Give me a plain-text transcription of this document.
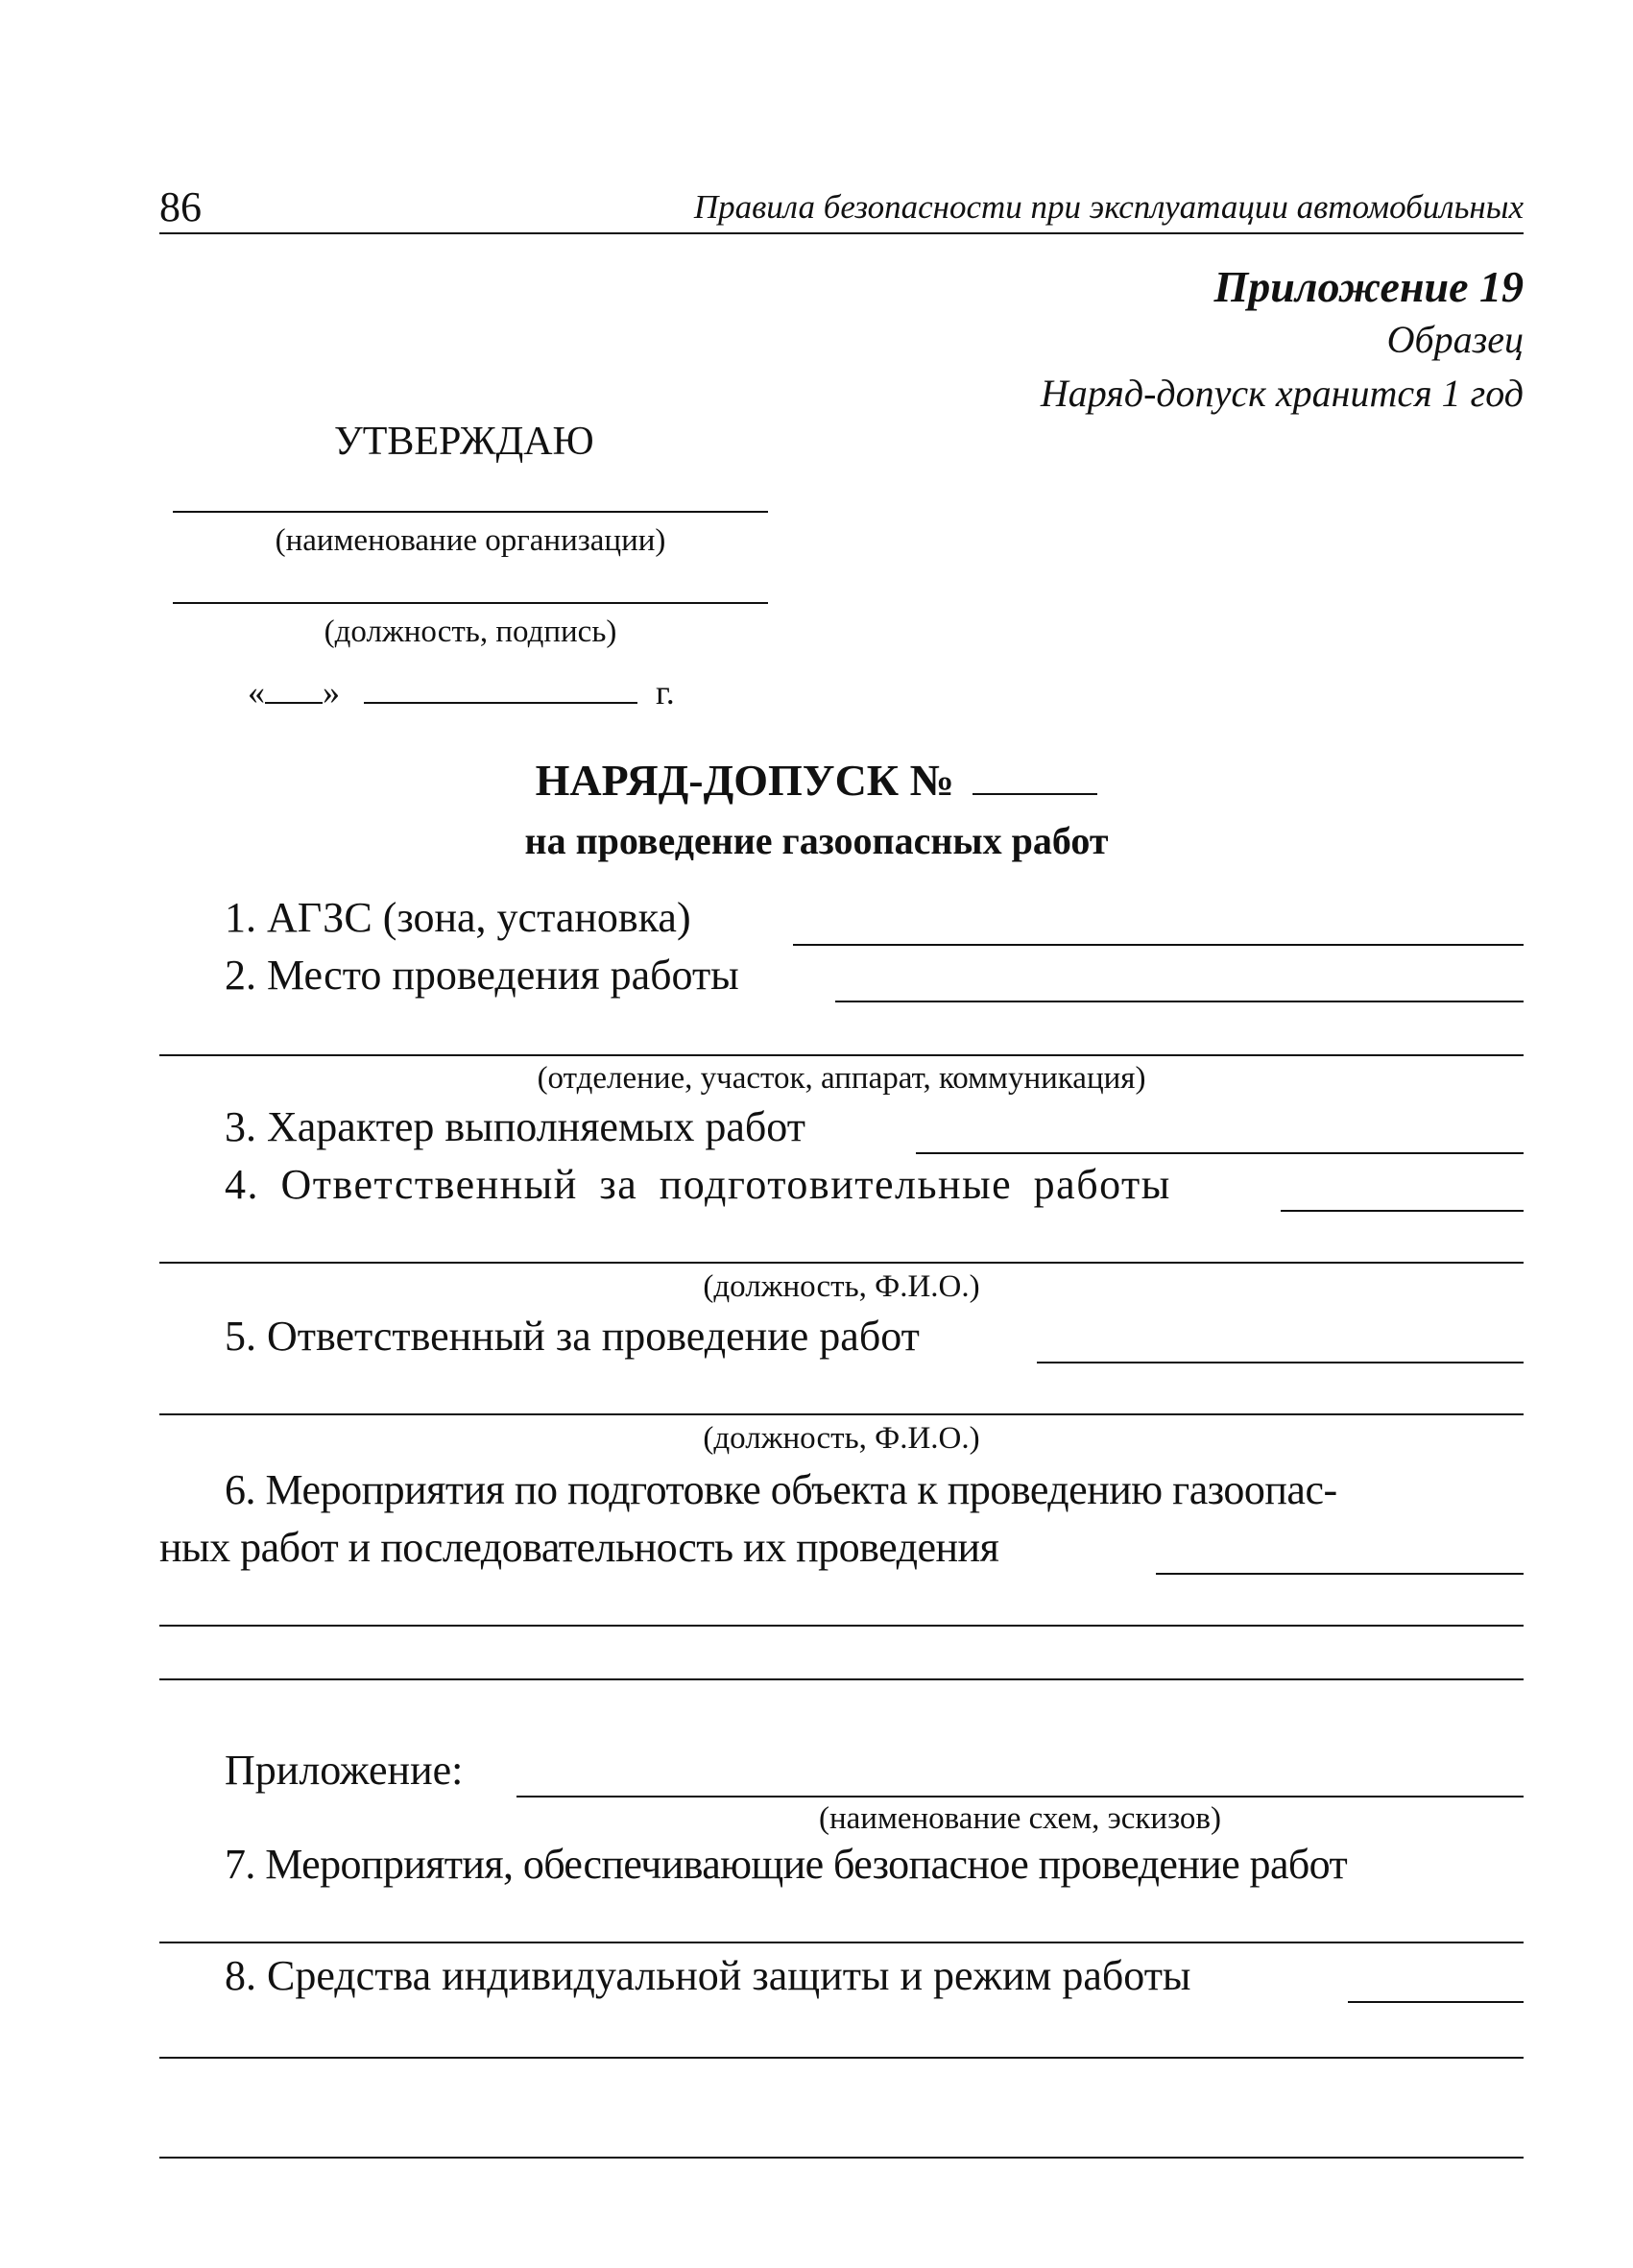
86	Правила безопасности при эксплуатации автомобильных
Приложение 19
Образец
Наряд-допуск хранится 1 год
УТВЕРЖДАЮ
(наименование организации)
(должность, подпись)
« »	г.
НАРЯД-ДОПУСК №
на проведение газоопасных работ
1. АГЗС (зона, установка)
2. Место проведения работы
(отделение, участок, аппарат, коммуникация)
3. Характер выполняемых работ
4. Ответственный за подготовительные работы
(должность, Ф.И.О.)
5. Ответственный за проведение работ
(должность, Ф.И.О.)
6. Мероприятия по подготовке объекта к проведению газоопас-
ных работ и последовательность их проведения
Приложение:
(наименование схем, эскизов)
7. Мероприятия, обеспечивающие безопасное проведение работ
8. Средства индивидуальной защиты и режим работы
